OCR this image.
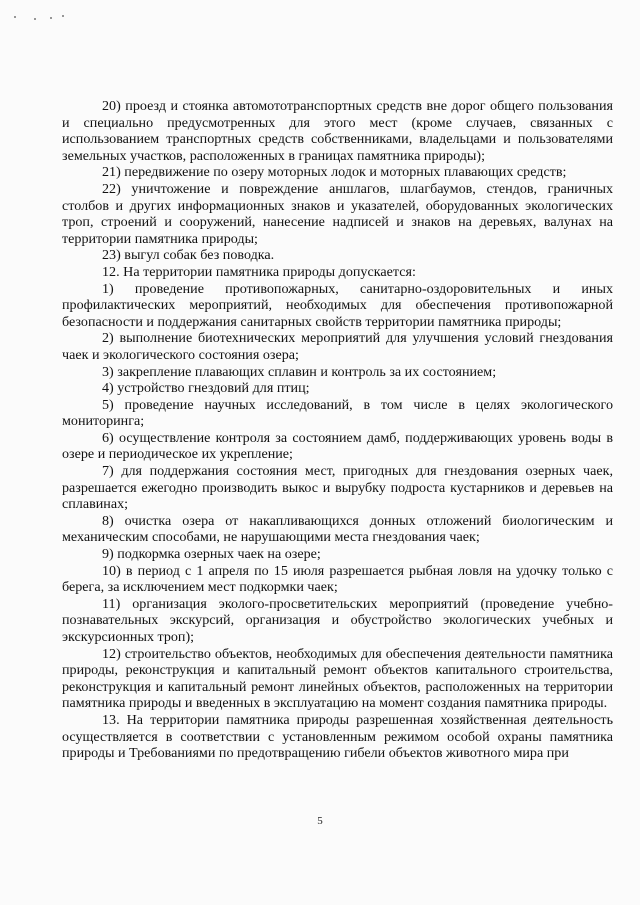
20) проезд и стоянка автомототранспортных средств вне дорог общего пользования и специально предусмотренных для этого мест (кроме случаев, связанных с использованием транспортных средств собственниками, владельцами и пользователями земельных участков, расположенных в границах памятника природы);

21) передвижение по озеру моторных лодок и моторных плавающих средств;

22) уничтожение и повреждение аншлагов, шлагбаумов, стендов, граничных столбов и других информационных знаков и указателей, оборудованных экологических троп, строений и сооружений, нанесение надписей и знаков на деревьях, валунах на территории памятника природы;

23) выгул собак без поводка.

12. На территории памятника природы допускается:

1) проведение противопожарных, санитарно-оздоровительных и иных профилактических мероприятий, необходимых для обеспечения противопожарной безопасности и поддержания санитарных свойств территории памятника природы;

2) выполнение биотехнических мероприятий для улучшения условий гнездования чаек и экологического состояния озера;

3) закрепление плавающих сплавин и контроль за их состоянием;

4) устройство гнездовий для птиц;

5) проведение научных исследований, в том числе в целях экологического мониторинга;

6) осуществление контроля за состоянием дамб, поддерживающих уровень воды в озере и периодическое их укрепление;

7) для поддержания состояния мест, пригодных для гнездования озерных чаек, разрешается ежегодно производить выкос и вырубку подроста кустарников и деревьев на сплавинах;

8) очистка озера от накапливающихся донных отложений биологическим и механическим способами, не нарушающими места гнездования чаек;

9) подкормка озерных чаек на озере;

10) в период с 1 апреля по 15 июля разрешается рыбная ловля на удочку только с берега, за исключением мест подкормки чаек;

11) организация эколого-просветительских мероприятий (проведение учебно-познавательных экскурсий, организация и обустройство экологических учебных и экскурсионных троп);

12) строительство объектов, необходимых для обеспечения деятельности памятника природы, реконструкция и капитальный ремонт объектов капитального строительства, реконструкция и капитальный ремонт линейных объектов, расположенных на территории памятника природы и введенных в эксплуатацию на момент создания памятника природы.

13. На территории памятника природы разрешенная хозяйственная деятельность осуществляется в соответствии с установленным режимом особой охраны памятника природы и Требованиями по предотвращению гибели объектов животного мира при

5
